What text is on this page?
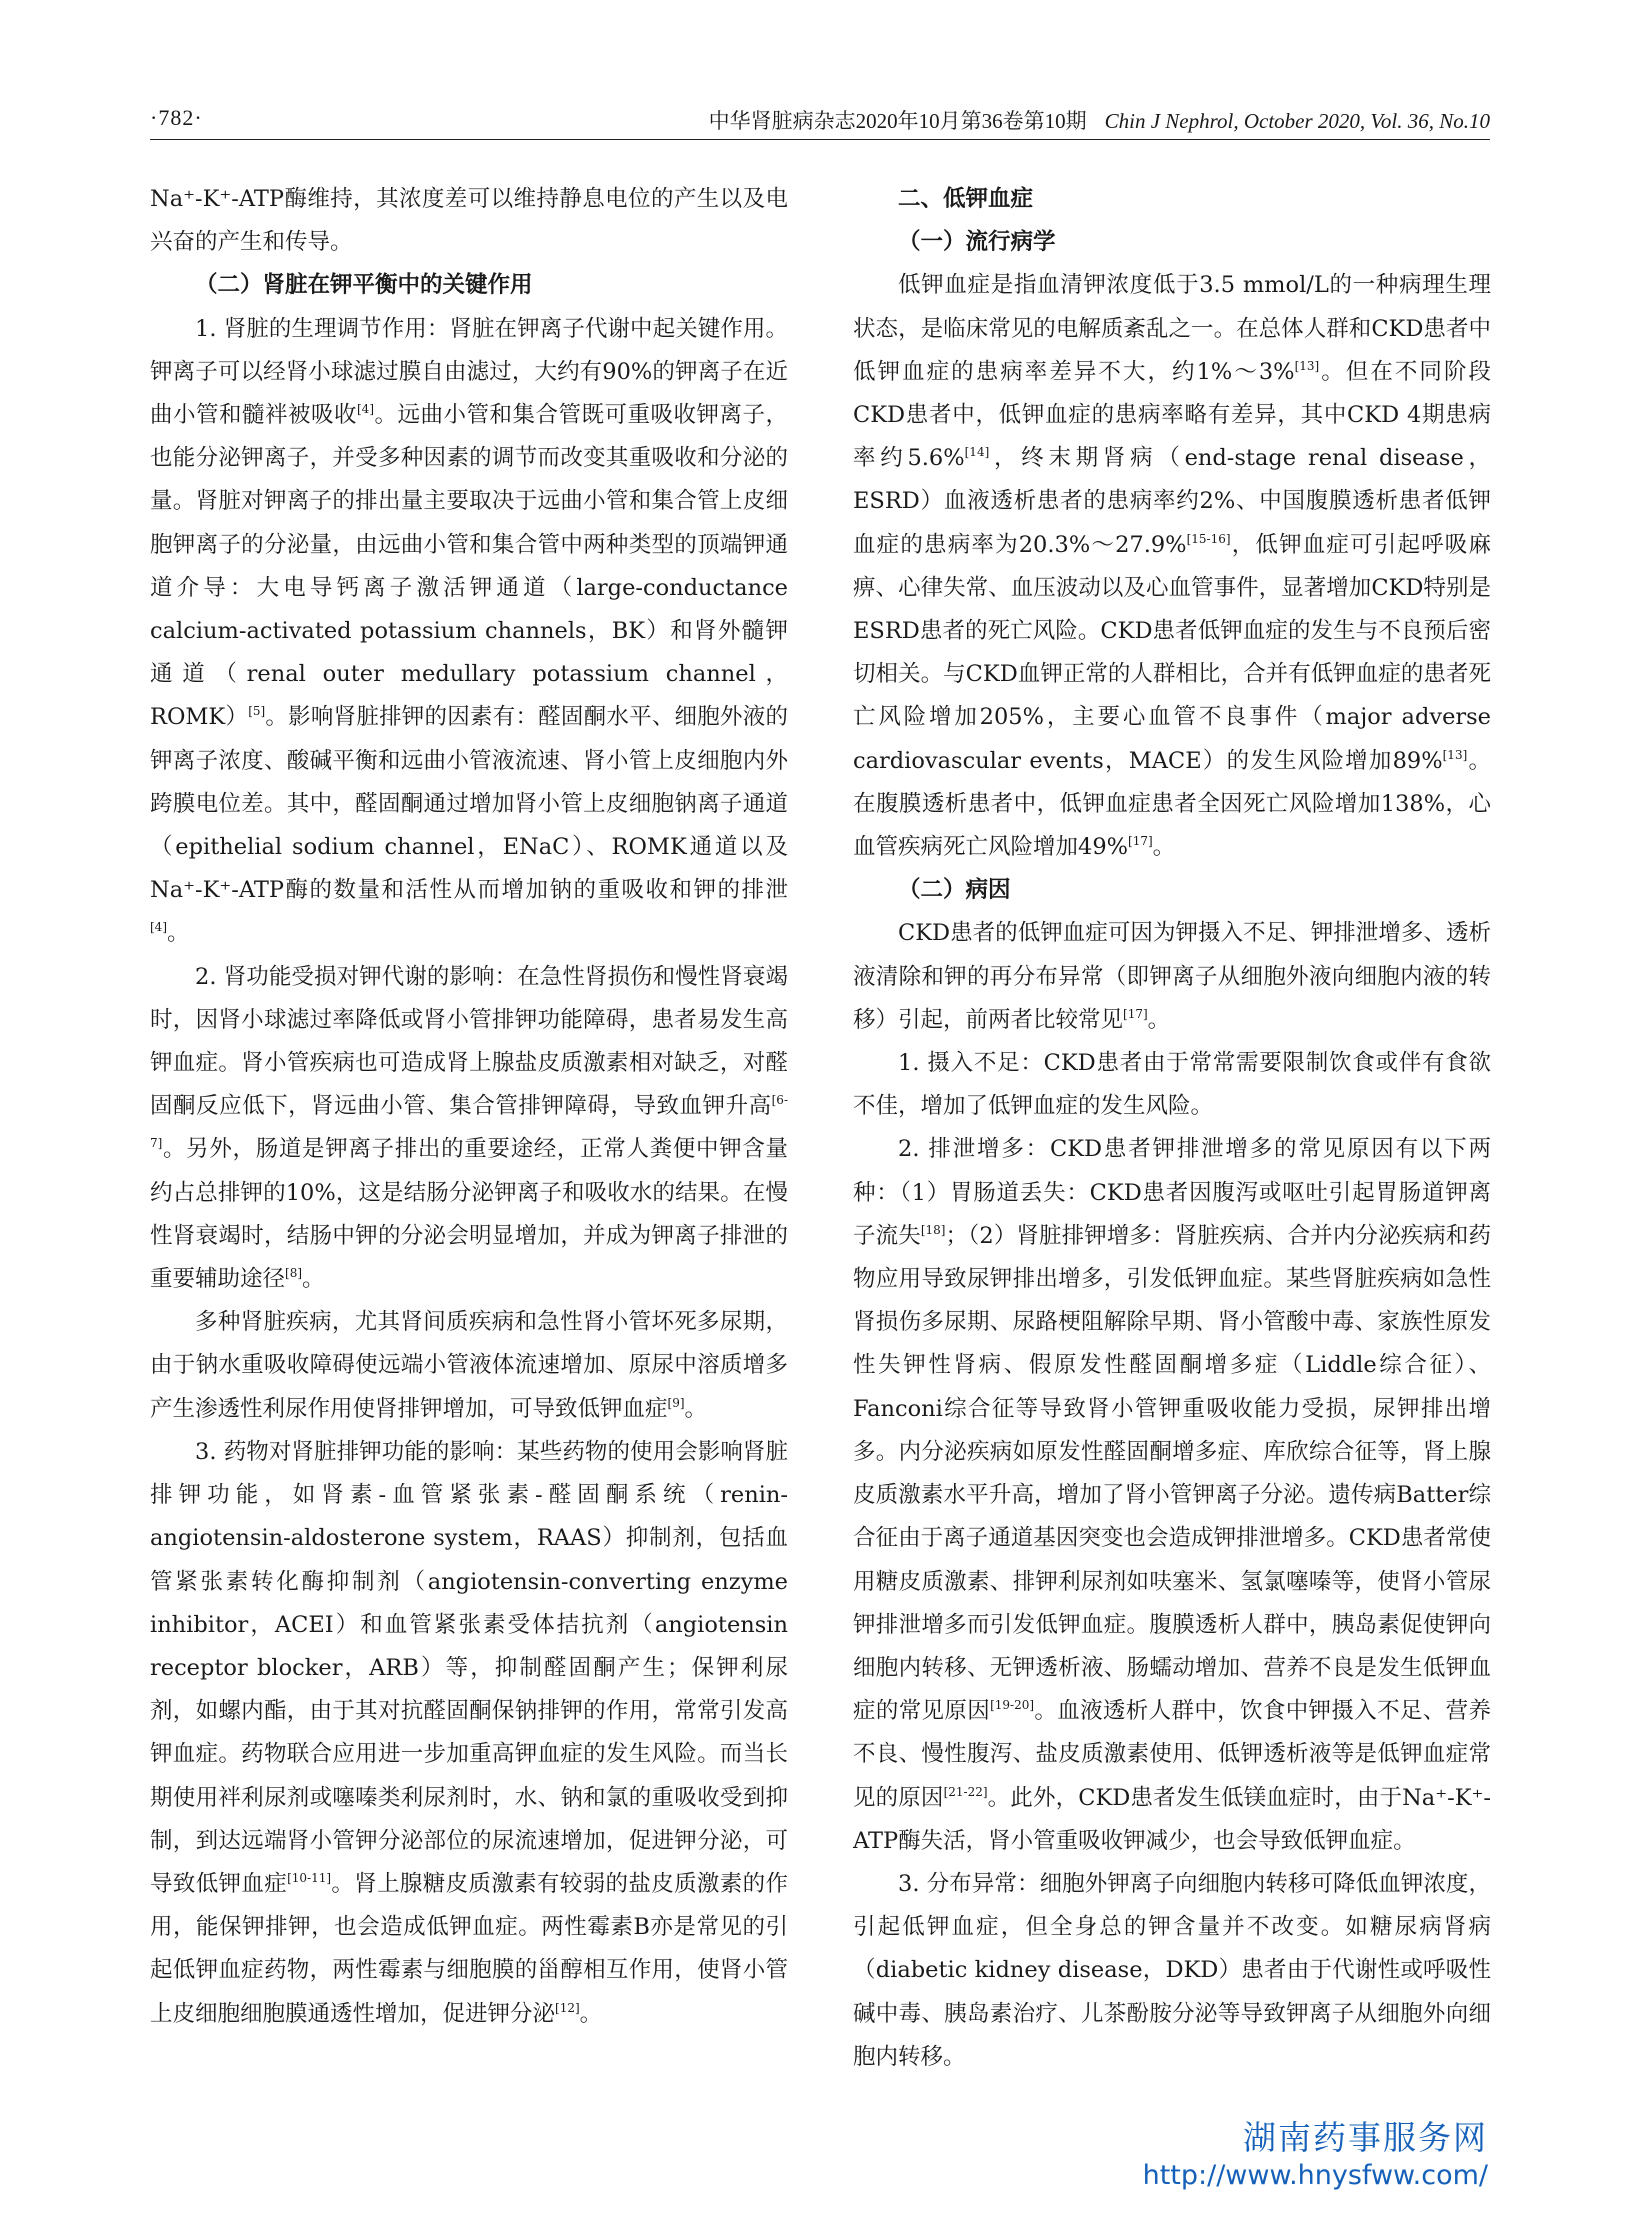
·782·	中华肾脏病杂志2020年10月第36卷第10期 Chin J Nephrol, October 2020, Vol. 36, No.10

Na⁺-K⁺-ATP酶维持，其浓度差可以维持静息电位的产生以及电兴奋的产生和传导。

（二）肾脏在钾平衡中的关键作用

1. 肾脏的生理调节作用：肾脏在钾离子代谢中起关键作用。钾离子可以经肾小球滤过膜自由滤过，大约有90%的钾离子在近曲小管和髓袢被吸收[4]。远曲小管和集合管既可重吸收钾离子，也能分泌钾离子，并受多种因素的调节而改变其重吸收和分泌的量。肾脏对钾离子的排出量主要取决于远曲小管和集合管上皮细胞钾离子的分泌量，由远曲小管和集合管中两种类型的顶端钾通道介导：大电导钙离子激活钾通道（large-conductance calcium-activated potassium channels，BK）和肾外髓钾通道（renal outer medullary potassium channel，ROMK）[5]。影响肾脏排钾的因素有：醛固酮水平、细胞外液的钾离子浓度、酸碱平衡和远曲小管液流速、肾小管上皮细胞内外跨膜电位差。其中，醛固酮通过增加肾小管上皮细胞钠离子通道（epithelial sodium channel，ENaC）、ROMK通道以及Na⁺-K⁺-ATP酶的数量和活性从而增加钠的重吸收和钾的排泄[4]。

2. 肾功能受损对钾代谢的影响：在急性肾损伤和慢性肾衰竭时，因肾小球滤过率降低或肾小管排钾功能障碍，患者易发生高钾血症。肾小管疾病也可造成肾上腺盐皮质激素相对缺乏，对醛固酮反应低下，肾远曲小管、集合管排钾障碍，导致血钾升高[6-7]。另外，肠道是钾离子排出的重要途经，正常人粪便中钾含量约占总排钾的10%，这是结肠分泌钾离子和吸收水的结果。在慢性肾衰竭时，结肠中钾的分泌会明显增加，并成为钾离子排泄的重要辅助途径[8]。

多种肾脏疾病，尤其肾间质疾病和急性肾小管坏死多尿期，由于钠水重吸收障碍使远端小管液体流速增加、原尿中溶质增多产生渗透性利尿作用使肾排钾增加，可导致低钾血症[9]。

3. 药物对肾脏排钾功能的影响：某些药物的使用会影响肾脏排钾功能，如肾素-血管紧张素-醛固酮系统（renin-angiotensin-aldosterone system，RAAS）抑制剂，包括血管紧张素转化酶抑制剂（angiotensin-converting enzyme inhibitor，ACEI）和血管紧张素受体拮抗剂（angiotensin receptor blocker，ARB）等，抑制醛固酮产生；保钾利尿剂，如螺内酯，由于其对抗醛固酮保钠排钾的作用，常常引发高钾血症。药物联合应用进一步加重高钾血症的发生风险。而当长期使用袢利尿剂或噻嗪类利尿剂时，水、钠和氯的重吸收受到抑制，到达远端肾小管钾分泌部位的尿流速增加，促进钾分泌，可导致低钾血症[10-11]。肾上腺糖皮质激素有较弱的盐皮质激素的作用，能保钾排钾，也会造成低钾血症。两性霉素B亦是常见的引起低钾血症药物，两性霉素与细胞膜的甾醇相互作用，使肾小管上皮细胞细胞膜通透性增加，促进钾分泌[12]。

二、低钾血症

（一）流行病学

低钾血症是指血清钾浓度低于3.5 mmol/L的一种病理生理状态，是临床常见的电解质紊乱之一。在总体人群和CKD患者中低钾血症的患病率差异不大，约1%～3%[13]。但在不同阶段CKD患者中，低钾血症的患病率略有差异，其中CKD 4期患病率约5.6%[14]，终末期肾病（end-stage renal disease，ESRD）血液透析患者的患病率约2%、中国腹膜透析患者低钾血症的患病率为20.3%～27.9%[15-16]，低钾血症可引起呼吸麻痹、心律失常、血压波动以及心血管事件，显著增加CKD特别是ESRD患者的死亡风险。CKD患者低钾血症的发生与不良预后密切相关。与CKD血钾正常的人群相比，合并有低钾血症的患者死亡风险增加205%，主要心血管不良事件（major adverse cardiovascular events，MACE）的发生风险增加89%[13]。在腹膜透析患者中，低钾血症患者全因死亡风险增加138%，心血管疾病死亡风险增加49%[17]。

（二）病因

CKD患者的低钾血症可因为钾摄入不足、钾排泄增多、透析液清除和钾的再分布异常（即钾离子从细胞外液向细胞内液的转移）引起，前两者比较常见[17]。

1. 摄入不足：CKD患者由于常常需要限制饮食或伴有食欲不佳，增加了低钾血症的发生风险。

2. 排泄增多：CKD患者钾排泄增多的常见原因有以下两种：（1）胃肠道丢失：CKD患者因腹泻或呕吐引起胃肠道钾离子流失[18]；（2）肾脏排钾增多：肾脏疾病、合并内分泌疾病和药物应用导致尿钾排出增多，引发低钾血症。某些肾脏疾病如急性肾损伤多尿期、尿路梗阻解除早期、肾小管酸中毒、家族性原发性失钾性肾病、假原发性醛固酮增多症（Liddle综合征）、Fanconi综合征等导致肾小管钾重吸收能力受损，尿钾排出增多。内分泌疾病如原发性醛固酮增多症、库欣综合征等，肾上腺皮质激素水平升高，增加了肾小管钾离子分泌。遗传病Batter综合征由于离子通道基因突变也会造成钾排泄增多。CKD患者常使用糖皮质激素、排钾利尿剂如呋塞米、氢氯噻嗪等，使肾小管尿钾排泄增多而引发低钾血症。腹膜透析人群中，胰岛素促使钾向细胞内转移、无钾透析液、肠蠕动增加、营养不良是发生低钾血症的常见原因[19-20]。血液透析人群中，饮食中钾摄入不足、营养不良、慢性腹泻、盐皮质激素使用、低钾透析液等是低钾血症常见的原因[21-22]。此外，CKD患者发生低镁血症时，由于Na⁺-K⁺-ATP酶失活，肾小管重吸收钾减少，也会导致低钾血症。

3. 分布异常：细胞外钾离子向细胞内转移可降低血钾浓度，引起低钾血症，但全身总的钾含量并不改变。如糖尿病肾病（diabetic kidney disease，DKD）患者由于代谢性或呼吸性碱中毒、胰岛素治疗、儿茶酚胺分泌等导致钾离子从细胞外向细胞内转移。

湖南药事服务网
http://www.hnysfww.com/
